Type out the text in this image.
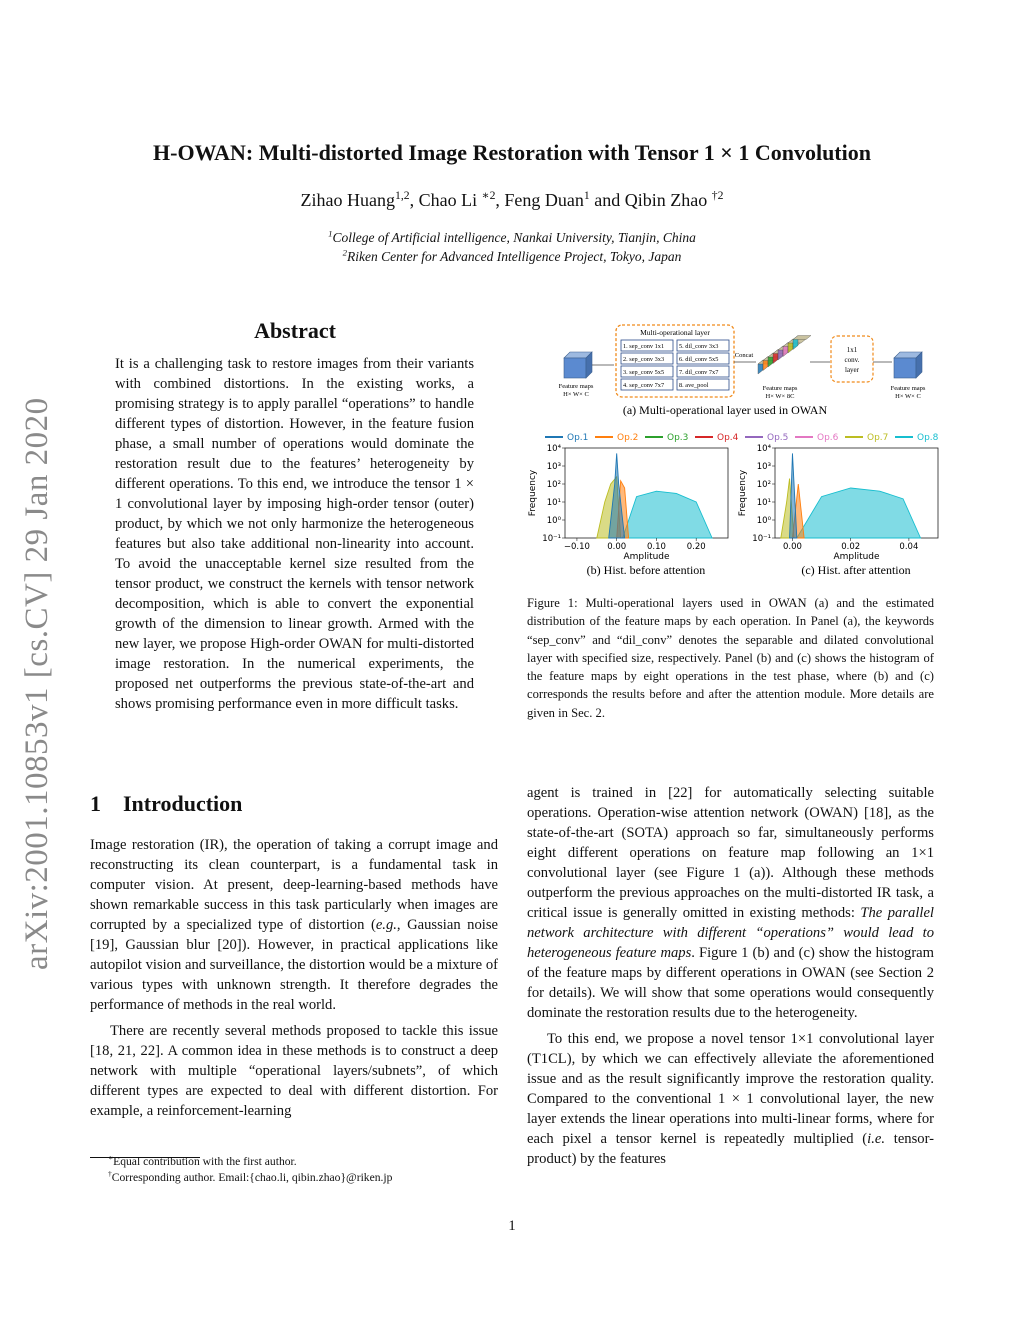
arXiv:2001.10853v1 [cs.CV] 29 Jan 2020
H-OWAN: Multi-distorted Image Restoration with Tensor 1 × 1 Convolution
Zihao Huang$^{1,2}$, Chao Li $^{∗2}$, Feng Duan$^1$ and Qibin Zhao $^{\dagger 2}$
$^1$College of Artificial intelligence, Nankai University, Tianjin, China
$^2$Riken Center for Advanced Intelligence Project, Tokyo, Japan
Abstract

It is a challenging task to restore images from their variants with combined distortions. In the existing works, a promising strategy is to apply parallel “operations” to handle different types of distortion. However, in the feature fusion phase, a small number of operations would dominate the restoration result due to the features’ heterogeneity by different operations. To this end, we introduce the tensor 1 × 1 convolutional layer by imposing high-order tensor (outer) product, by which we not only harmonize the heterogeneous features but also take additional non-linearity into account. To avoid the unacceptable kernel size resulted from the tensor product, we construct the kernels with tensor network decomposition, which is able to convert the exponential growth of the dimension to linear growth. Armed with the new layer, we propose High-order OWAN for multi-distorted image restoration. In the numerical experiments, the proposed net outperforms the previous state-of-the-art and shows promising performance even in more difficult tasks.

1 Introduction

Image restoration (IR), the operation of taking a corrupt image and reconstructing its clean counterpart, is a fundamental task in computer vision. At present, deep-learning-based methods have shown remarkable success in this task particularly when images are corrupted by a specialized type of distortion (e.g., Gaussian noise [19], Gaussian blur [20]). However, in practical applications like autopilot vision and surveillance, the distortion would be a mixture of various types with unknown strength. It therefore degrades the performance of methods in the real world.

There are recently several methods proposed to tackle this issue [18, 21, 22]. A common idea in these methods is to construct a deep network with multiple “operational layers/subnets”, of which different types are expected to deal with different distortion. For example, a reinforcement-learning

∗Equal contribution with the first author.
†Corresponding author. Email:{chao.li, qibin.zhao}@riken.jp
Feature maps
H× W× C
Multi-operational layer
1. sep_conv 1x1 5. dil_conv 3x3
2. sep_conv 3x3 6. dil_conv 5x5
3. sep_conv 5x5 7. dil_conv 7x7
4. sep_conv 7x7 8. ave_pool
Concat
Feature maps
H× W× 8C
1x1
conv.
layer
Feature maps
H× W× C
(a) Multi-operational layer used in OWAN
Op.1	Op.2	Op.3	Op.4	Op.5	Op.6	Op.7	Op.8
10⁻¹
10⁰
10¹
10²
10³
10⁴
−0.10 0.00 0.10 0.20
Amplitude
Frequency
10⁻¹
10⁰
10¹
10²
10³
10⁴
0.00	0.02	0.04
Amplitude
Frequency
(b) Hist. before attention	(c) Hist. after attention
Figure 1: Multi-operational layers used in OWAN (a) and the estimated distribution of the feature maps by each operation. In Panel (a), the keywords “sep_conv” and “dil_conv” denotes the separable and dilated convolutional layer with specified size, respectively. Panel (b) and (c) shows the histogram of the feature maps by eight operations in the test phase, where (b) and (c) corresponds the results before and after the attention module. More details are given in Sec. 2.

agent is trained in [22] for automatically selecting suitable operations. Operation-wise attention network (OWAN) [18], as the state-of-the-art (SOTA) approach so far, simultaneously performs eight different operations on feature map following an 1×1 convolutional layer (see Figure 1 (a)). Although these methods outperform the previous approaches on the multi-distorted IR task, a critical issue is generally omitted in existing methods: The parallel network architecture with different “operations” would lead to heterogeneous feature maps. Figure 1 (b) and (c) show the histogram of the feature maps by different operations in OWAN (see Section 2 for details). We will show that some operations would consequently dominate the restoration results due to the heterogeneity.

To this end, we propose a novel tensor 1×1 convolutional layer (T1CL), by which we can effectively alleviate the aforementioned issue and as the result significantly improve the restoration quality. Compared to the conventional 1 × 1 convolutional layer, the new layer extends the linear operations into multi-linear forms, where for each pixel a tensor kernel is repeatedly multiplied (i.e. tensor-product) by the features

1
